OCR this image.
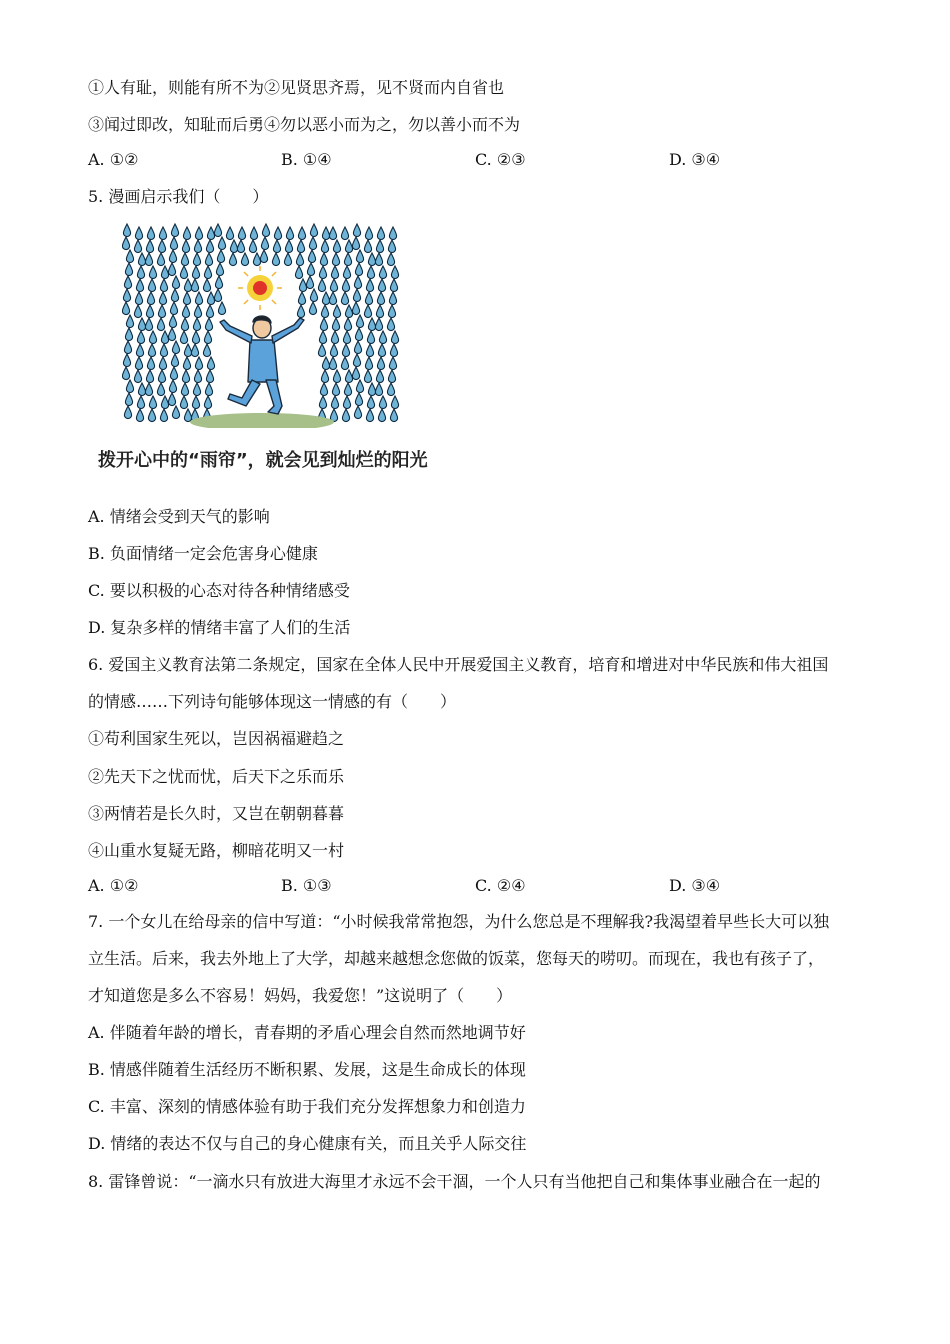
①人有耻，则能有所不为②见贤思齐焉，见不贤而内自省也
③闻过即改，知耻而后勇④勿以恶小而为之，勿以善小而不为
A. ①②	B. ①④	C. ②③	D. ③④
5. 漫画启示我们（　　）
拨开心中的“雨帘”，就会见到灿烂的阳光
A. 情绪会受到天气的影响
B. 负面情绪一定会危害身心健康
C. 要以积极的心态对待各种情绪感受
D. 复杂多样的情绪丰富了人们的生活
6. 爱国主义教育法第二条规定，国家在全体人民中开展爱国主义教育，培育和增进对中华民族和伟大祖国
的情感……下列诗句能够体现这一情感的有（　　）
①苟利国家生死以，岂因祸福避趋之
②先天下之忧而忧，后天下之乐而乐
③两情若是长久时，又岂在朝朝暮暮
④山重水复疑无路，柳暗花明又一村
A. ①②	B. ①③	C. ②④	D. ③④
7. 一个女儿在给母亲的信中写道：“小时候我常常抱怨，为什么您总是不理解我?我渴望着早些长大可以独
立生活。后来，我去外地上了大学，却越来越想念您做的饭菜，您每天的唠叨。而现在，我也有孩子了，
才知道您是多么不容易！妈妈，我爱您！”这说明了（　　）
A. 伴随着年龄的增长，青春期的矛盾心理会自然而然地调节好
B. 情感伴随着生活经历不断积累、发展，这是生命成长的体现
C. 丰富、深刻的情感体验有助于我们充分发挥想象力和创造力
D. 情绪的表达不仅与自己的身心健康有关，而且关乎人际交往
8. 雷锋曾说：“一滴水只有放进大海里才永远不会干涸，一个人只有当他把自己和集体事业融合在一起的
